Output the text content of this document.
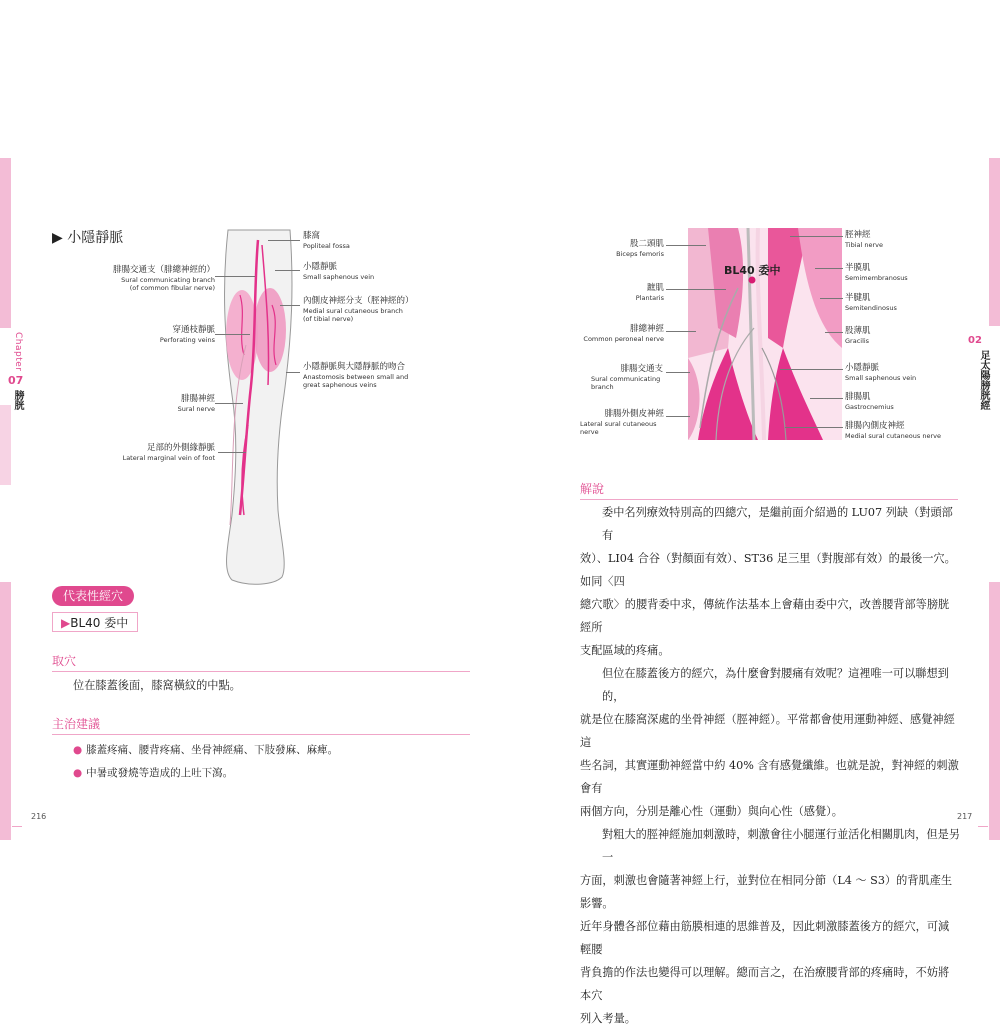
Chapter
07
膀胱
▶ 小隱靜脈
腓腸交通支（腓總神經的）
Sural communicating branch
(of common fibular nerve)
穿通枝靜脈
Perforating veins
腓腸神經
Sural nerve
足部的外側緣靜脈
Lateral marginal vein of foot
膝窩
Popliteal fossa
小隱靜脈
Small saphenous vein
內側皮神經分支（脛神經的）
Medial sural cutaneous branch
(of tibial nerve)
小隱靜脈與大隱靜脈的吻合
Anastomosis between small and
great saphenous veins
代表性經穴
▶BL40 委中
取穴
位在膝蓋後面，膝窩橫紋的中點。
主治建議
● 膝蓋疼痛、腰背疼痛、坐骨神經痛、下肢發麻、麻痺。
● 中暑或發燒等造成的上吐下瀉。
216
02
足太陽膀胱經
BL40 委中
股二頭肌
Biceps femoris
蹠肌
Plantaris
腓總神經
Common peroneal nerve
腓腸交通支
Sural communicating
branch
腓腸外側皮神經
Lateral sural cutaneous
nerve
脛神經
Tibial nerve
半膜肌
Semimembranosus
半腱肌
Semitendinosus
股薄肌
Gracilis
小隱靜脈
Small saphenous vein
腓腸肌
Gastrocnemius
腓腸內側皮神經
Medial sural cutaneous nerve
解說
委中名列療效特別高的四總穴，是繼前面介紹過的 LU07 列缺（對頭部有
效）、LI04 合谷（對顏面有效）、ST36 足三里（對腹部有效）的最後一穴。如同〈四
總穴歌〉的腰背委中求，傳統作法基本上會藉由委中穴，改善腰背部等膀胱經所
支配區域的疼痛。
但位在膝蓋後方的經穴，為什麼會對腰痛有效呢？這裡唯一可以聯想到的，
就是位在膝窩深處的坐骨神經（脛神經）。平常都會使用運動神經、感覺神經這
些名詞，其實運動神經當中約 40% 含有感覺纖維。也就是說，對神經的刺激會有
兩個方向，分別是離心性（運動）與向心性（感覺）。
對粗大的脛神經施加刺激時，刺激會往小腿運行並活化相關肌肉，但是另一
方面，刺激也會隨著神經上行，並對位在相同分節（L4 ～ S3）的背肌產生影響。
近年身體各部位藉由筋膜相連的思維普及，因此刺激膝蓋後方的經穴，可減輕腰
背負擔的作法也變得可以理解。總而言之，在治療腰背部的疼痛時，不妨將本穴
列入考量。
217
